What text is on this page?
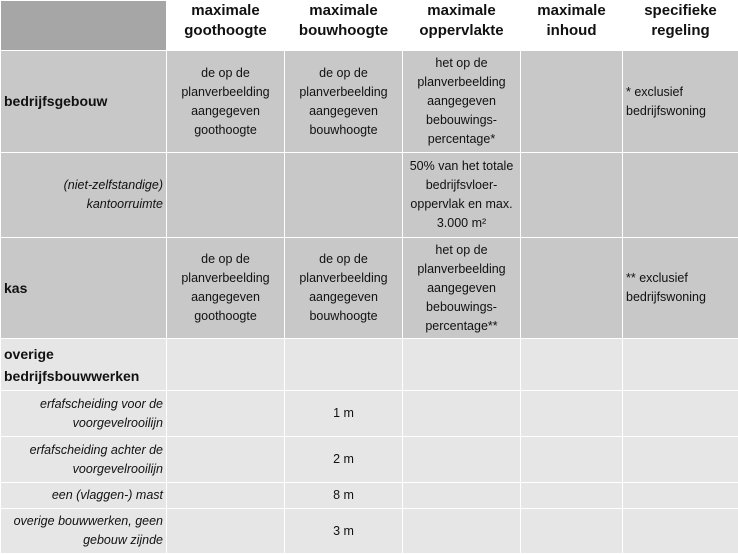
	maximale goothoogte	maximale bouwhoogte	maximale oppervlakte	maximale inhoud	specifieke regeling
bedrijfsgebouw	de op de planverbeelding aangegeven goothoogte	de op de planverbeelding aangegeven bouwhoogte	het op de planverbeelding aangegeven bebouwings-percentage*		* exclusief bedrijfswoning
(niet-zelfstandige) kantoorruimte			50% van het totale bedrijfsvloer-oppervlak en max. 3.000 m²		
kas	de op de planverbeelding aangegeven goothoogte	de op de planverbeelding aangegeven bouwhoogte	het op de planverbeelding aangegeven bebouwings-percentage**		** exclusief bedrijfswoning
overige bedrijfsbouwwerken					
erfafscheiding voor de voorgevelrooilijn		1 m			
erfafscheiding achter de voorgevelrooilijn		2 m			
een (vlaggen-) mast		8 m			
overige bouwwerken, geen gebouw zijnde		3 m			
